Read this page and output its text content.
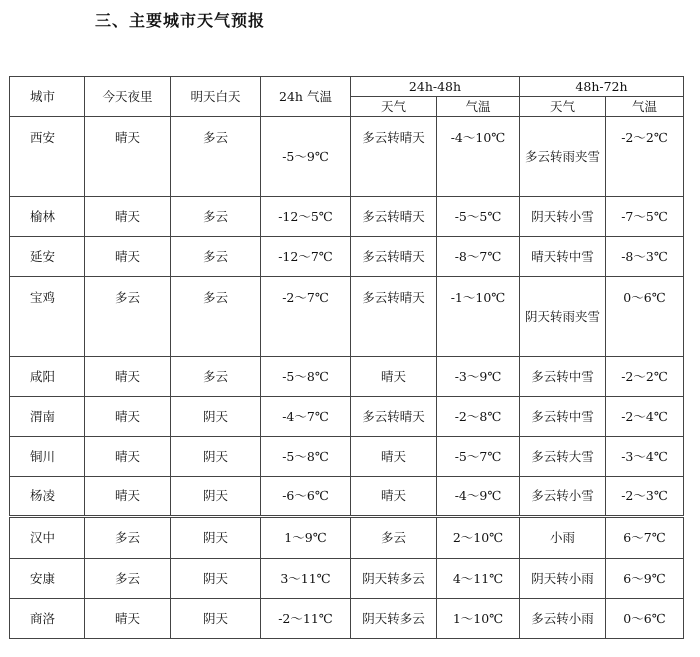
三、主要城市天气预报
城市	今天夜里	明天白天	24h 气温	24h-48h		48h-72h	
				天气	气温	天气	气温
西安	晴天	多云	-5～9℃	多云转晴天	-4～10℃	多云转雨夹雪	-2～2℃
榆林	晴天	多云	-12～5℃	多云转晴天	-5～5℃	阴天转小雪	-7～5℃
延安	晴天	多云	-12～7℃	多云转晴天	-8～7℃	晴天转中雪	-8～3℃
宝鸡	多云	多云	-2～7℃	多云转晴天	-1～10℃	阴天转雨夹雪	0～6℃
咸阳	晴天	多云	-5～8℃	晴天	-3～9℃	多云转中雪	-2～2℃
渭南	晴天	阴天	-4～7℃	多云转晴天	-2～8℃	多云转中雪	-2～4℃
铜川	晴天	阴天	-5～8℃	晴天	-5～7℃	多云转大雪	-3～4℃
杨凌	晴天	阴天	-6～6℃	晴天	-4～9℃	多云转小雪	-2～3℃
汉中	多云	阴天	1～9℃	多云	2～10℃	小雨	6～7℃
安康	多云	阴天	3～11℃	阴天转多云	4～11℃	阴天转小雨	6～9℃
商洛	晴天	阴天	-2～11℃	阴天转多云	1～10℃	多云转小雨	0～6℃
